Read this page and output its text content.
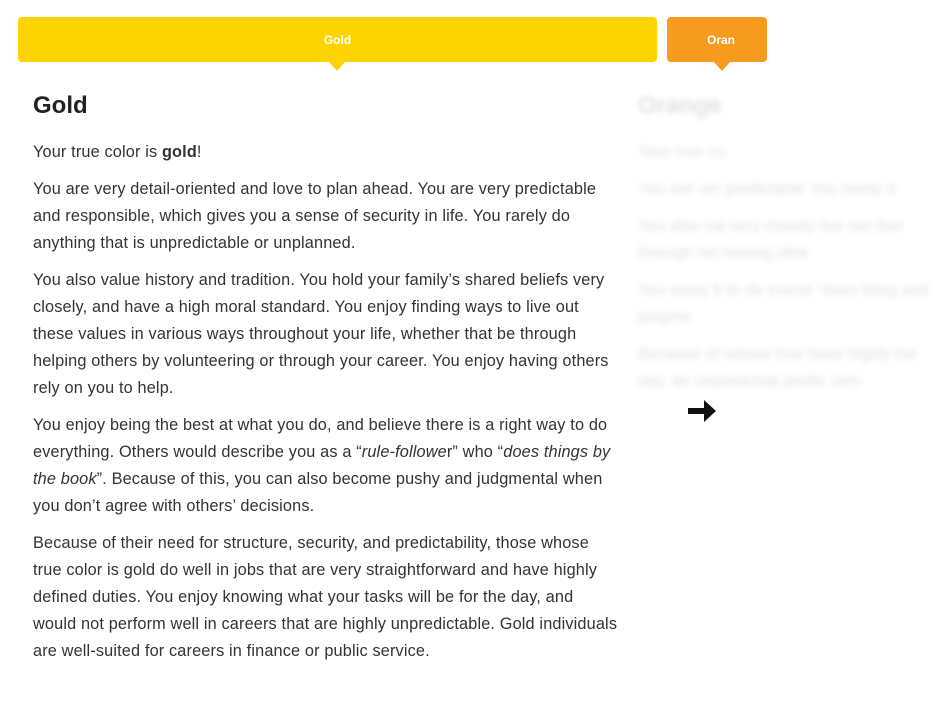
Gold	Oran
Gold

Your true color is gold!

You are very detail-oriented and love to plan ahead. You are very predictable and responsible, which gives you a sense of security in life. You rarely do anything that is unpredictable or unplanned.

You also value history and tradition. You hold your family’s shared beliefs very closely, and have a high moral standard. You enjoy finding ways to live out these values in various ways throughout your life, whether that be through helping others by volunteering or through your career. You enjoy having others rely on you to help.

You enjoy being the best at what you do, and believe there is a right way to do everything. Others would describe you as a “rule-follower” who “does things by the book”. Because of this, you can also become pushy and judgmental when you don’t agree with others’ decisions.

Because of their need for structure, security, and predictability, those whose true color is gold do well in jobs that are very straightforward and have highly defined duties. You enjoy knowing what your tasks will be for the day, and would not perform well in careers that are highly unpredictable. Gold individuals are well-suited for careers in finance or public service.

Orange

Your true co

You are ver predictable You rarely d

You also val very closely live out ther through hel having othe

You enjoy b to do everyt “does thing and judgme

Because of whose true have highly the day, an unpredictab public serv
